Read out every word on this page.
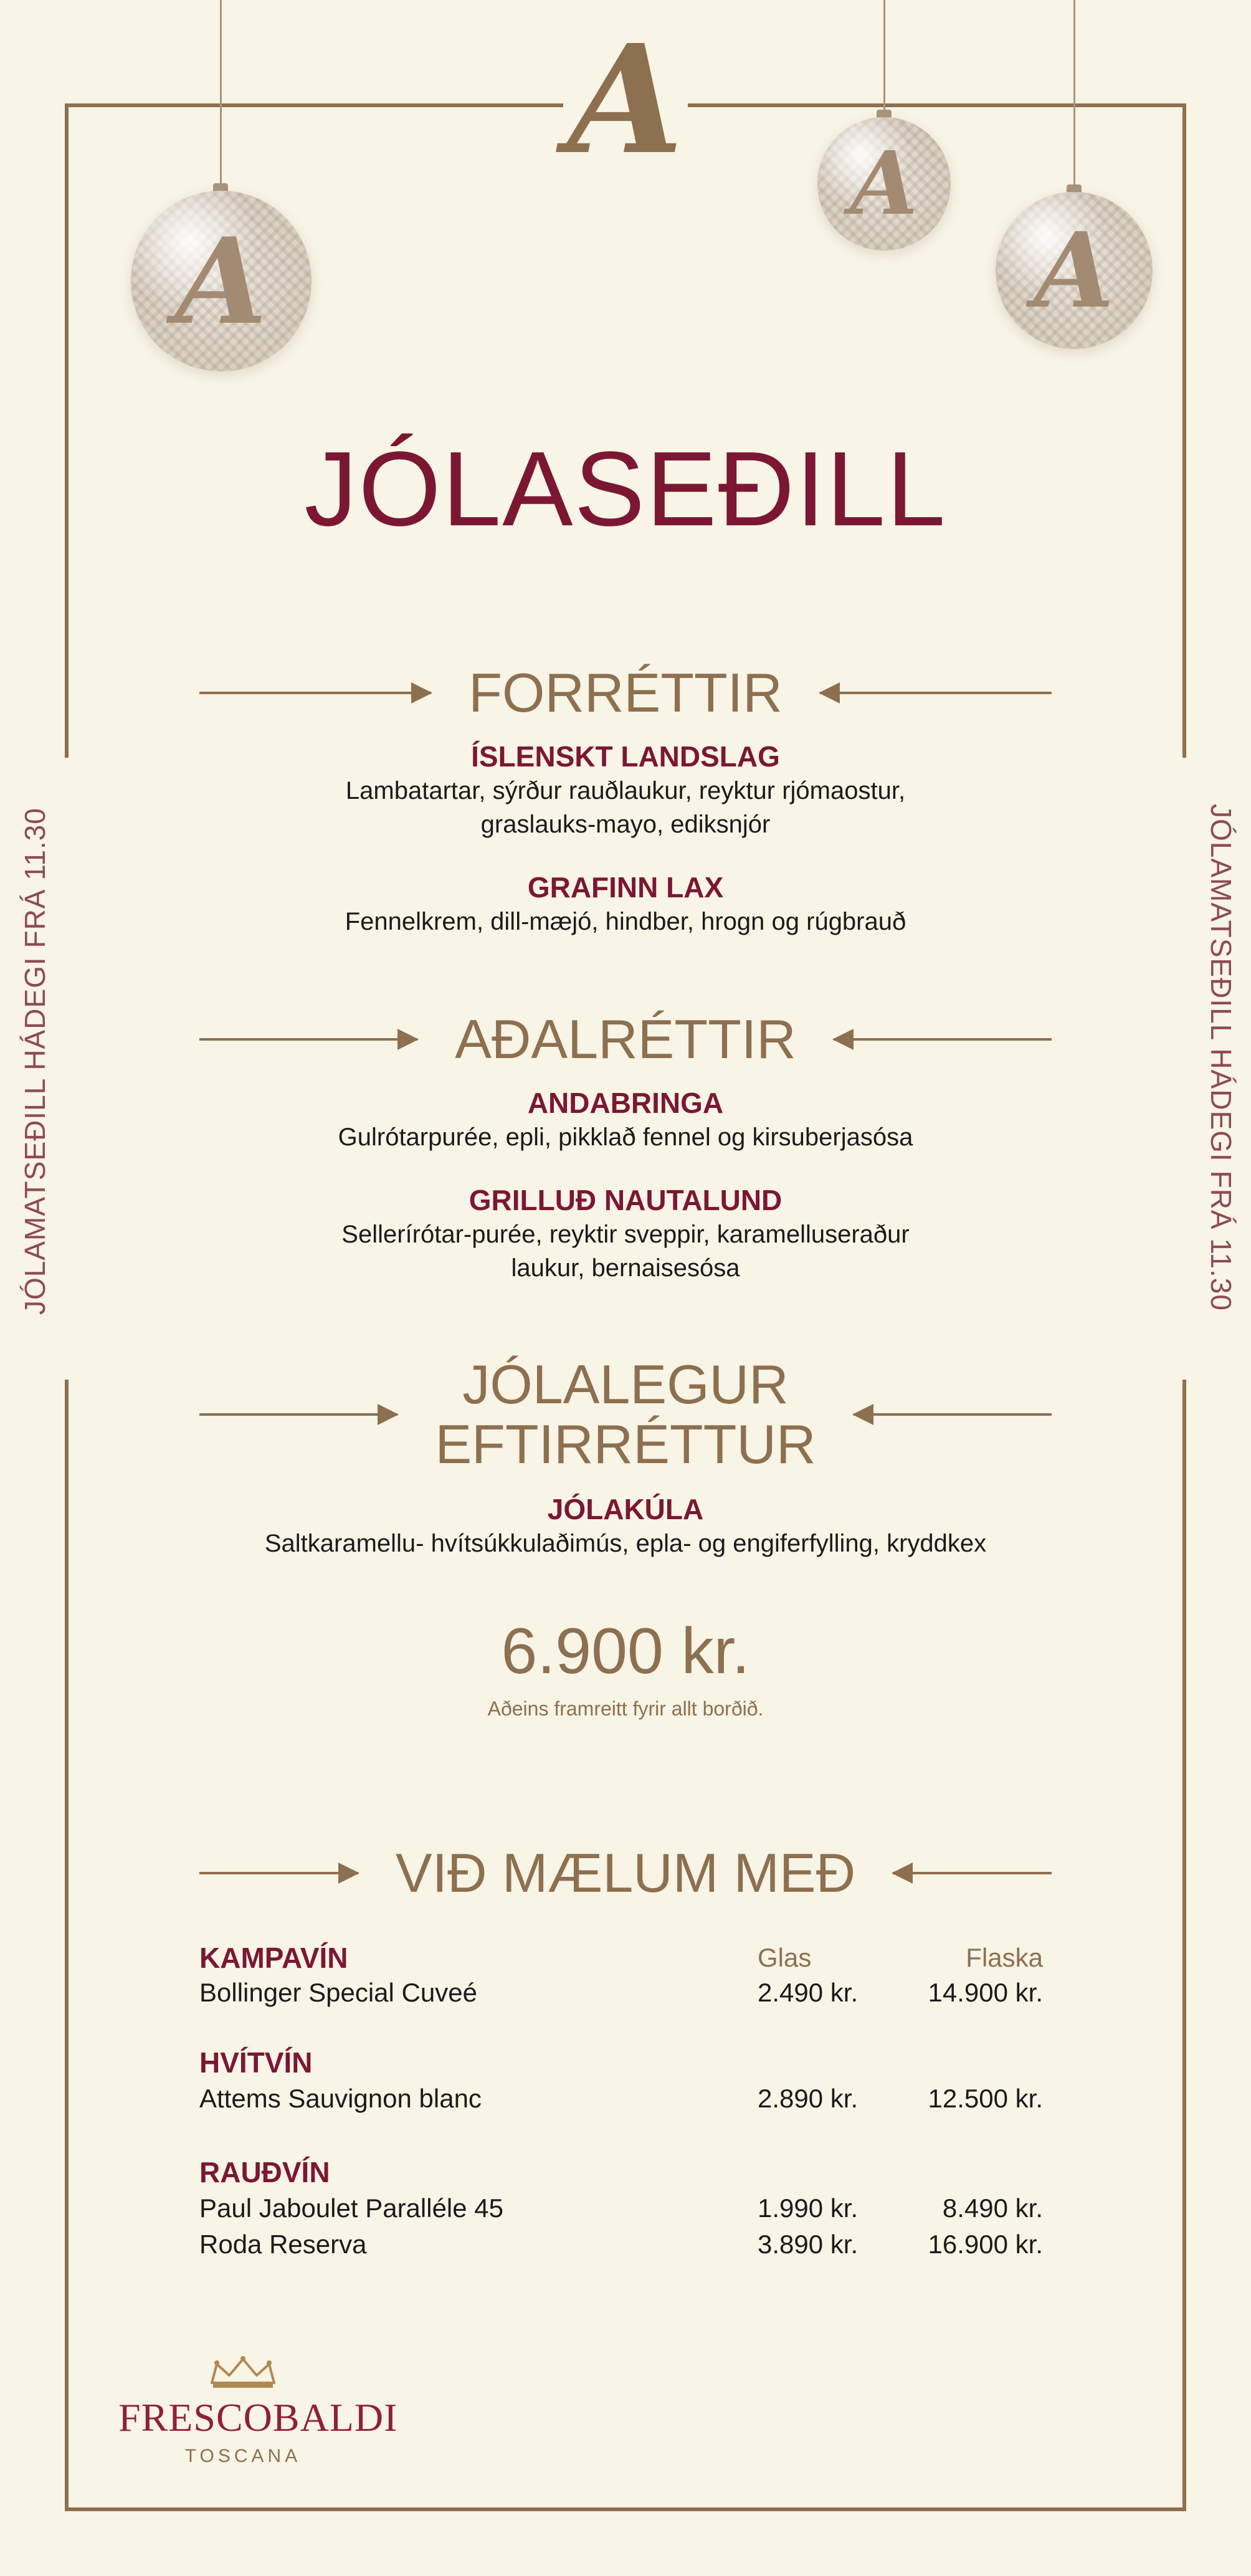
A
A
A
A
JÓLASEÐILL
JÓLAMATSEÐILL HÁDEGI FRÁ 11.30	JÓLAMATSEÐILL HÁDEGI FRÁ 11.30
FORRÉTTIR
ÍSLENSKT LANDSLAG
Lambatartar, sýrður rauðlaukur, reyktur rjómaostur,
graslauks-mayo, ediksnjór
GRAFINN LAX
Fennelkrem, dill-mæjó, hindber, hrogn og rúgbrauð
AÐALRÉTTIR
ANDABRINGA
Gulrótarpurée, epli, pikklað fennel og kirsuberjasósa
GRILLUÐ NAUTALUND
Sellerírótar-purée, reyktir sveppir, karamelluseraður
laukur, bernaisesósa
JÓLALEGUR
EFTIRRÉTTUR
JÓLAKÚLA
Saltkaramellu- hvítsúkkulaðimús, epla- og engiferfylling, kryddkex
6.900 kr.
Aðeins framreitt fyrir allt borðið.
VIÐ MÆLUM MEÐ
KAMPAVÍN	Glas	Flaska
Bollinger Special Cuveé	2.490 kr.	14.900 kr.
HVÍTVÍN
Attems Sauvignon blanc	2.890 kr.	12.500 kr.
RAUÐVÍN
Paul Jaboulet Paralléle 45	1.990 kr.	8.490 kr.
Roda Reserva	3.890 kr.	16.900 kr.
FRESCOBALDI
TOSCANA
